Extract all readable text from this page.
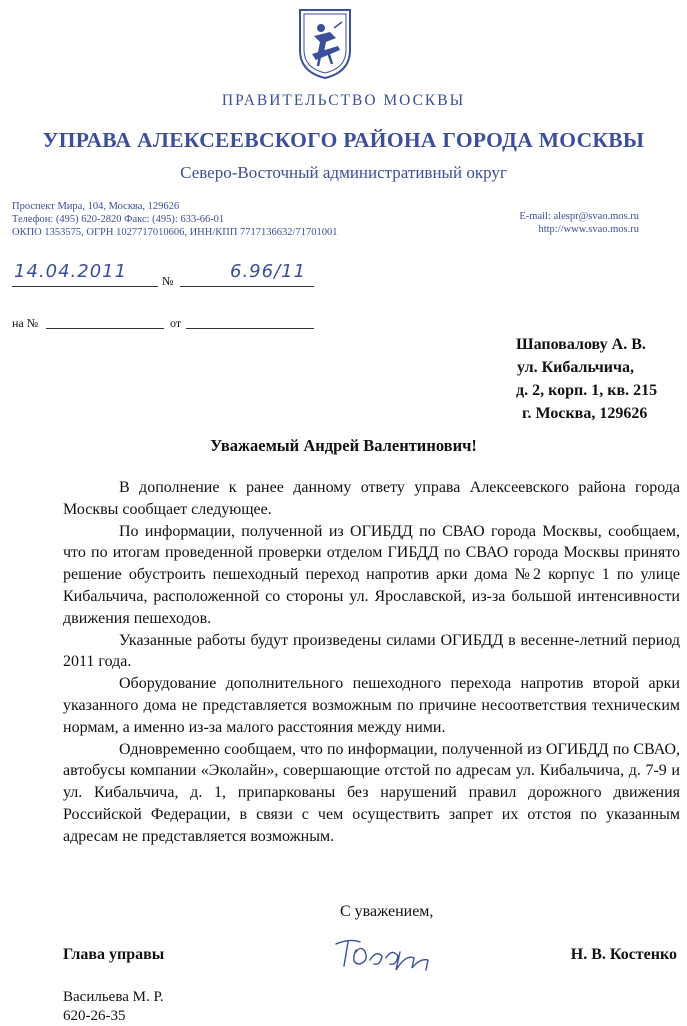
ПРАВИТЕЛЬСТВО МОСКВЫ
УПРАВА АЛЕКСЕЕВСКОГО РАЙОНА ГОРОДА МОСКВЫ
Северо-Восточный административный округ
Проспект Мира, 104, Москва, 129626
Телефон: (495) 620-2820 Факс: (495): 633-66-01
ОКПО 1353575, ОГРН 1027717010606, ИНН/КПП 7717136632/71701001
E-mail: alespr@svao.mos.ru
http://www.svao.mos.ru
14.04.2011	№	6.96/11
на №	от
Шаповалову А. В.
ул. Кибальчича,
д. 2, корп. 1, кв. 215
г. Москва, 129626
Уважаемый Андрей Валентинович!

В дополнение к ранее данному ответу управа Алексеевского района города Москвы сообщает следующее.

По информации, полученной из ОГИБДД по СВАО города Москвы, сообщаем, что по итогам проведенной проверки отделом ГИБДД по СВАО города Москвы принято решение обустроить пешеходный переход напротив арки дома №2 корпус 1 по улице Кибальчича, расположенной со стороны ул. Ярославской, из-за большой интенсивности движения пешеходов.

Указанные работы будут произведены силами ОГИБДД в весенне-летний период 2011 года.

Оборудование дополнительного пешеходного перехода напротив второй арки указанного дома не представляется возможным по причине несоответствия техническим нормам, а именно из-за малого расстояния между ними.

Одновременно сообщаем, что по информации, полученной из ОГИБДД по СВАО, автобусы компании «Эколайн», совершающие отстой по адресам ул. Кибальчича, д. 7-9 и ул. Кибальчича, д. 1, припаркованы без нарушений правил дорожного движения Российской Федерации, в связи с чем осуществить запрет их отстоя по указанным адресам не представляется возможным.

С уважением,
Глава управы	Н. В. Костенко
Васильева М. Р.
620-26-35
